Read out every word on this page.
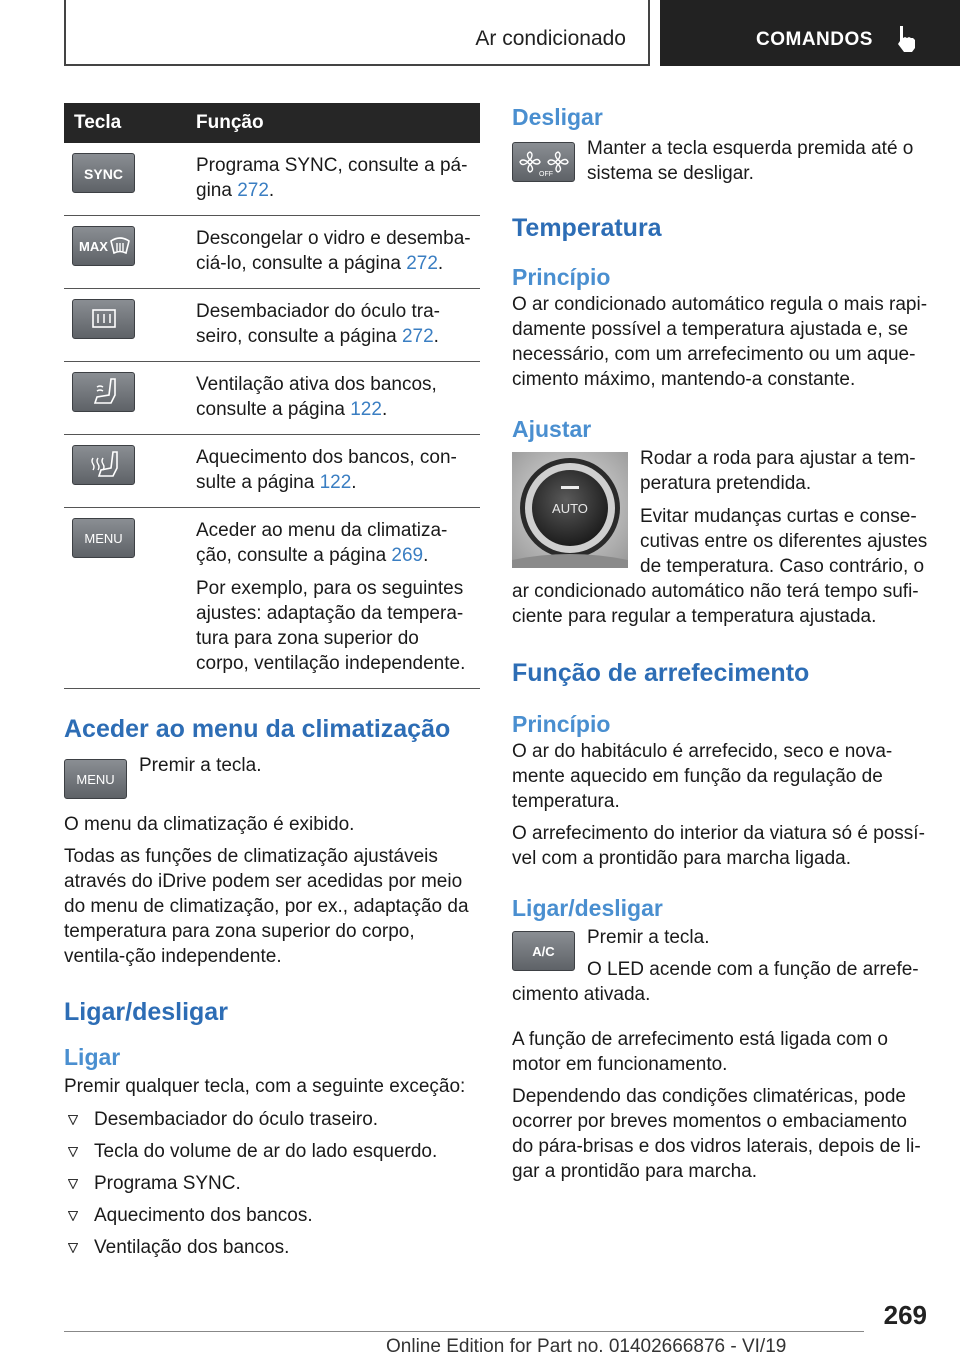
Ar condicionado	COMANDOS
Tecla	Função

SYNC	Programa SYNC, consulte a pá-gina 272.

MAX	Descongelar o vidro e desemba-ciá-lo, consulte a página 272.

Desembaciador do óculo tra-seiro, consulte a página 272.

Ventilação ativa dos bancos, consulte a página 122.

Aquecimento dos bancos, con-sulte a página 122.

MENU	Aceder ao menu da climatiza-ção, consulte a página 269.

Por exemplo, para os seguintes ajustes: adaptação da tempera-tura para zona superior do corpo, ventilação independente.

Aceder ao menu da climatização
MENU

Premir a tecla.

O menu da climatização é exibido.

Todas as funções de climatização ajustáveis através do iDrive podem ser acedidas por meio do menu de climatização, por ex., adaptação da temperatura para zona superior do corpo, ventila-ção independente.

Ligar/desligar
Ligar

Premir qualquer tecla, com a seguinte exceção:

Desembaciador do óculo traseiro.
Tecla do volume de ar do lado esquerdo.
Programa SYNC.
Aquecimento dos bancos.
Ventilação dos bancos.
Desligar
OFF

Manter a tecla esquerda premida até o sistema se desligar.

Temperatura
Princípio

O ar condicionado automático regula o mais rapi-damente possível a temperatura ajustada e, se necessário, com um arrefecimento ou um aque-cimento máximo, mantendo-a constante.

Ajustar
AUTO

Rodar a roda para ajustar a tem-peratura pretendida.

Evitar mudanças curtas e conse-cutivas entre os diferentes ajustes de temperatura. Caso contrário, o ar condicionado automático não terá tempo sufi-ciente para regular a temperatura ajustada.

Função de arrefecimento
Princípio

O ar do habitáculo é arrefecido, seco e nova-mente aquecido em função da regulação de temperatura.

O arrefecimento do interior da viatura só é possí-vel com a prontidão para marcha ligada.

Ligar/desligar
A/C

Premir a tecla.

O LED acende com a função de arrefe-cimento ativada.

A função de arrefecimento está ligada com o motor em funcionamento.

Dependendo das condições climatéricas, pode ocorrer por breves momentos o embaciamento do pára-brisas e dos vidros laterais, depois de li-gar a prontidão para marcha.

269
Online Edition for Part no. 01402666876 - VI/19
